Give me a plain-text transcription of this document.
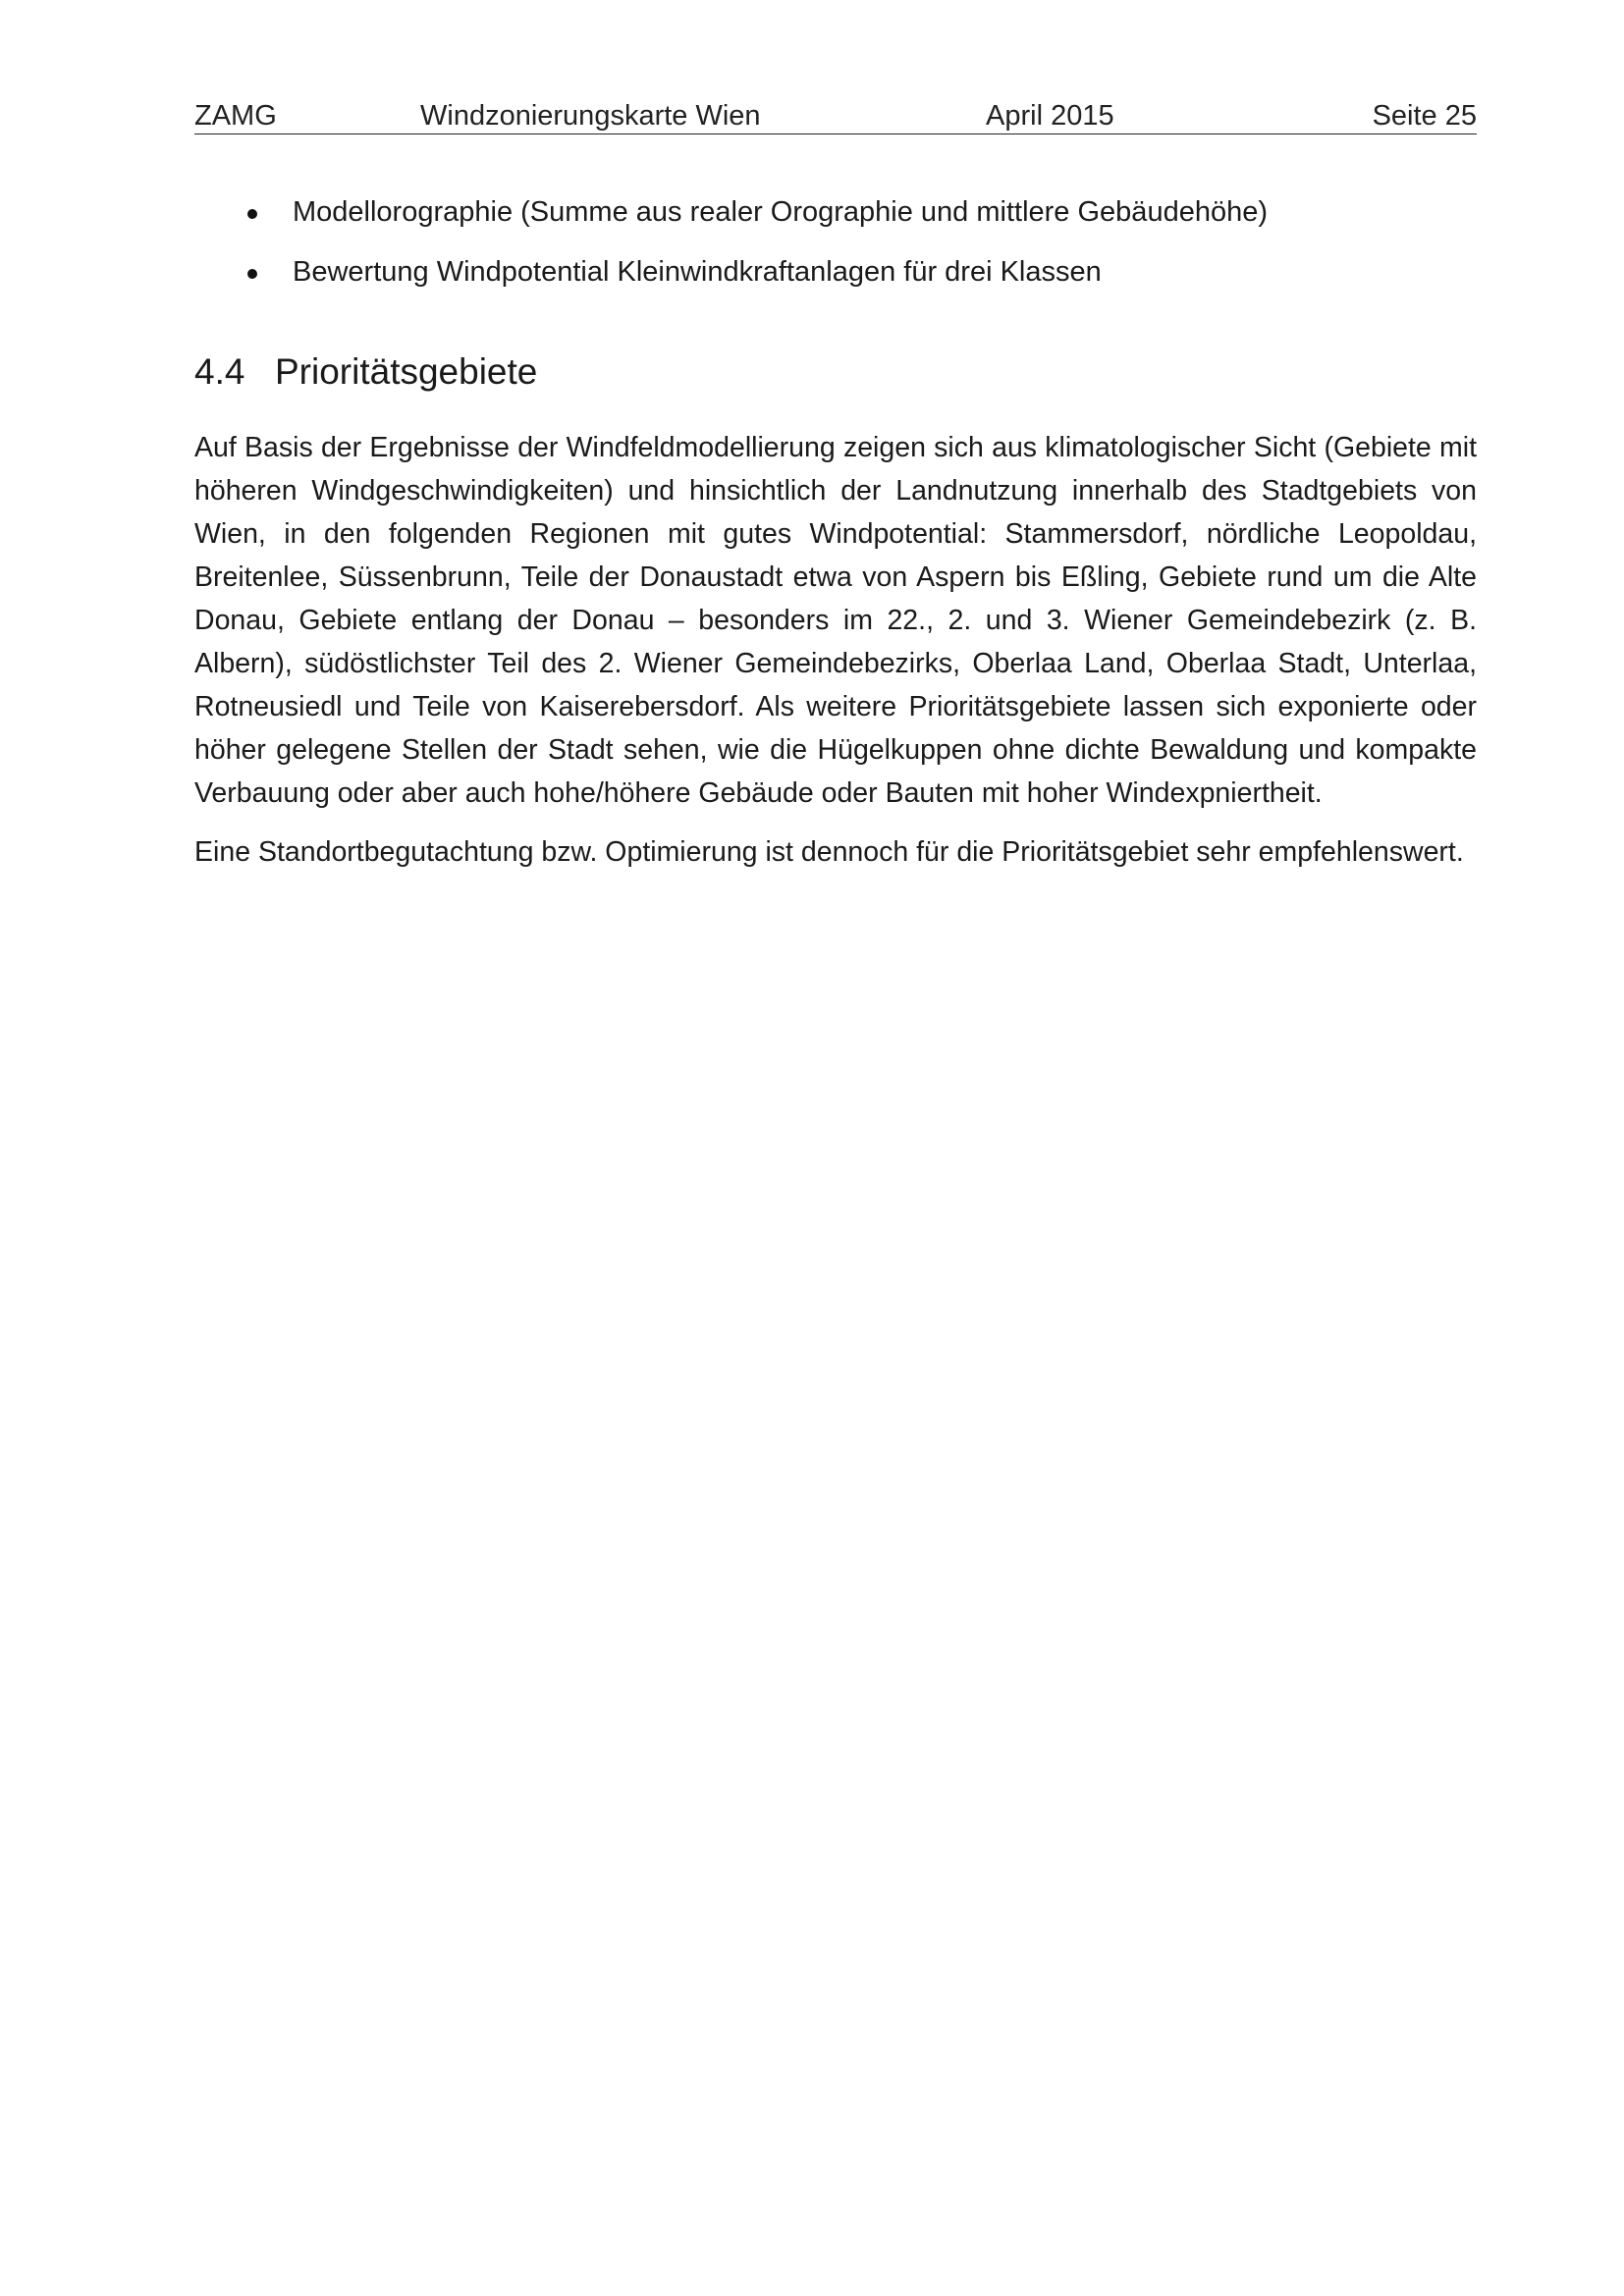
ZAMG	Windzonierungskarte Wien	April 2015	Seite 25
Modellorographie (Summe aus realer Orographie und mittlere Gebäudehöhe)
Bewertung Windpotential Kleinwindkraftanlagen für drei Klassen
4.4 Prioritätsgebiete

Auf Basis der Ergebnisse der Windfeldmodellierung zeigen sich aus klimatologischer Sicht (Gebiete mit höheren Windgeschwindigkeiten) und hinsichtlich der Landnutzung innerhalb des Stadtgebiets von Wien, in den folgenden Regionen mit gutes Windpotential: Stammersdorf, nördliche Leopoldau, Breitenlee, Süssenbrunn, Teile der Donaustadt etwa von Aspern bis Eßling, Gebiete rund um die Alte Donau, Gebiete entlang der Donau – besonders im 22., 2. und 3. Wiener Gemeindebezirk (z. B. Albern), südöstlichster Teil des 2. Wiener Gemeindebezirks, Oberlaa Land, Oberlaa Stadt, Unterlaa, Rotneusiedl und Teile von Kaiserebersdorf. Als weitere Prioritätsgebiete lassen sich exponierte oder höher gelegene Stellen der Stadt sehen, wie die Hügelkuppen ohne dichte Bewaldung und kompakte Verbauung oder aber auch hohe/höhere Gebäude oder Bauten mit hoher Windexpniertheit.

Eine Standortbegutachtung bzw. Optimierung ist dennoch für die Prioritätsgebiet sehr empfehlenswert.
